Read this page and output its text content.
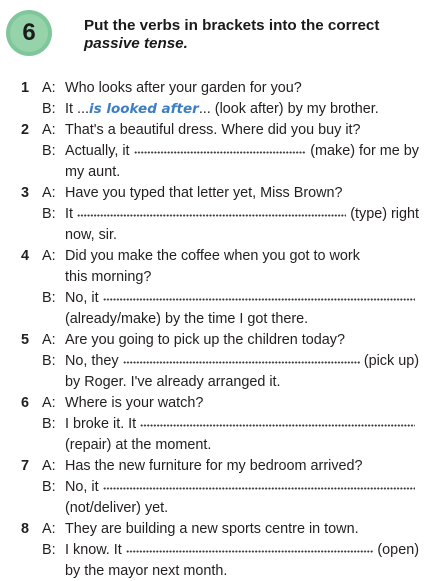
6	Put the verbs in brackets into the correct
passive tense.
1 A: Who looks after your garden for you?
B: It ...is looked after... (look after) by my brother.
2 A: That's a beautiful dress. Where did you buy it?
B: Actually, it	(make) for me by
my aunt.
3 A: Have you typed that letter yet, Miss Brown?
B: It	(type) right
now, sir.
4 A: Did you make the coffee when you got to work
this morning?
B: No, it
(already/make) by the time I got there.
5 A: Are you going to pick up the children today?
B: No, they	(pick up)
by Roger. I've already arranged it.
6 A: Where is your watch?
B: I broke it. It
(repair) at the moment.
7 A: Has the new furniture for my bedroom arrived?
B: No, it
(not/deliver) yet.
8 A: They are building a new sports centre in town.
B: I know. It	(open)
by the mayor next month.
